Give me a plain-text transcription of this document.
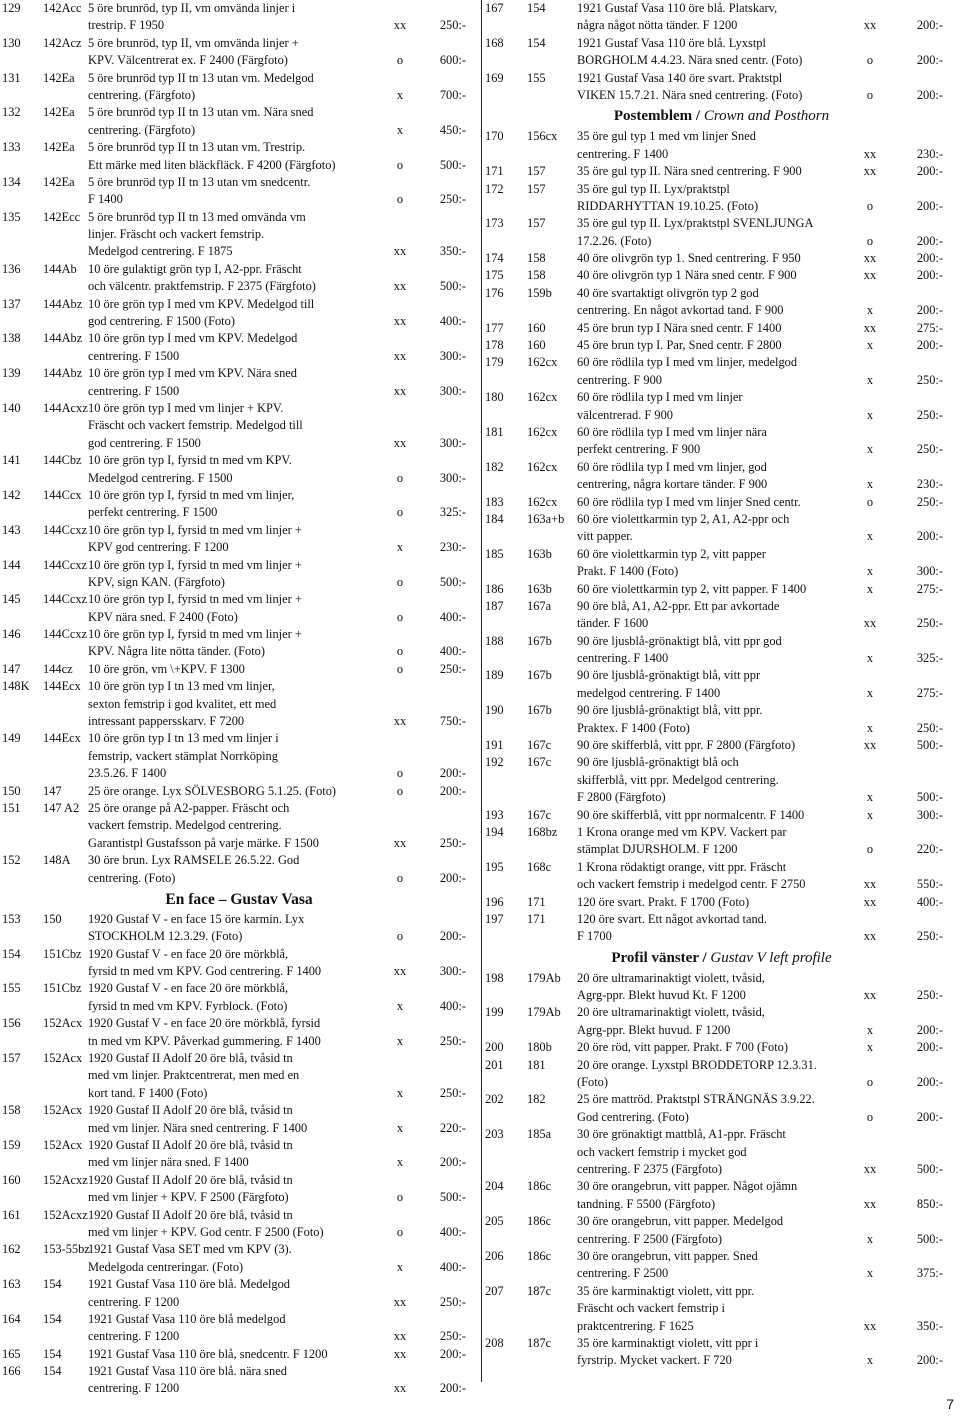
129 142Acc 5 öre brunröd, typ II, vm omvända linjer i
trestrip. F 1950	xx	250:-
130 142Acz 5 öre brunröd, typ II, vm omvända linjer +
KPV. Välcentrerat ex. F 2400 (Färgfoto)	o	600:-
131 142Ea 5 öre brunröd typ II tn 13 utan vm. Medelgod
centrering. (Färgfoto)	x	700:-
132 142Ea 5 öre brunröd typ II tn 13 utan vm. Nära sned
centrering. (Färgfoto)	x	450:-
133 142Ea 5 öre brunröd typ II tn 13 utan vm. Trestrip.
Ett märke med liten bläckfläck. F 4200 (Färgfoto)	o	500:-
134 142Ea 5 öre brunröd typ II tn 13 utan vm snedcentr.
F 1400	o	250:-
135 142Ecc 5 öre brunröd typ II tn 13 med omvända vm
linjer. Fräscht och vackert femstrip.
Medelgod centrering. F 1875	xx	350:-
136 144Ab 10 öre gulaktigt grön typ I, A2-ppr. Fräscht
och välcentr. praktfemstrip. F 2375 (Färgfoto)	xx	500:-
137 144Abz 10 öre grön typ I med vm KPV. Medelgod till
god centrering. F 1500 (Foto)	xx	400:-
138 144Abz 10 öre grön typ I med vm KPV. Medelgod
centrering. F 1500	xx	300:-
139 144Abz 10 öre grön typ I med vm KPV. Nära sned
centrering. F 1500	xx	300:-
140 144Acxz 10 öre grön typ I med vm linjer + KPV.
Fräscht och vackert femstrip. Medelgod till
god centrering. F 1500	xx	300:-
141 144Cbz 10 öre grön typ I, fyrsid tn med vm KPV.
Medelgod centrering. F 1500	o	300:-
142 144Ccx 10 öre grön typ I, fyrsid tn med vm linjer,
perfekt centrering. F 1500	o	325:-
143 144Ccxz 10 öre grön typ I, fyrsid tn med vm linjer +
KPV god centrering. F 1200	x	230:-
144 144Ccxz 10 öre grön typ I, fyrsid tn med vm linjer +
KPV, sign KAN. (Färgfoto)	o	500:-
145 144Ccxz 10 öre grön typ I, fyrsid tn med vm linjer +
KPV nära sned. F 2400 (Foto)	o	400:-
146 144Ccxz 10 öre grön typ I, fyrsid tn med vm linjer +
KPV. Några lite nötta tänder. (Foto)	o	400:-
147 144cz 10 öre grön, vm \+KPV. F 1300	o	250:-
148K 144Ecx 10 öre grön typ I tn 13 med vm linjer,
sexton femstrip i god kvalitet, ett med
intressant pappersskarv. F 7200	xx	750:-
149 144Ecx 10 öre grön typ I tn 13 med vm linjer i
femstrip, vackert stämplat Norrköping
23.5.26. F 1400	o	200:-
150 147 25 öre orange. Lyx SÖLVESBORG 5.1.25. (Foto)	o	200:-
151 147 A2 25 öre orange på A2-papper. Fräscht och
vackert femstrip. Medelgod centrering.
Garantistpl Gustafsson på varje märke. F 1500	xx	250:-
152 148A 30 öre brun. Lyx RAMSELE 26.5.22. God
centrering. (Foto)	o	200:-
En face – Gustav Vasa
153 150 1920 Gustaf V - en face 15 öre karmin. Lyx
STOCKHOLM 12.3.29. (Foto)	o	200:-
154 151Cbz 1920 Gustaf V - en face 20 öre mörkblå,
fyrsid tn med vm KPV. God centrering. F 1400	xx	300:-
155 151Cbz 1920 Gustaf V - en face 20 öre mörkblå,
fyrsid tn med vm KPV. Fyrblock. (Foto)	x	400:-
156 152Acx 1920 Gustaf V - en face 20 öre mörkblå, fyrsid
tn med vm KPV. Påverkad gummering. F 1400	x	250:-
157 152Acx 1920 Gustaf II Adolf 20 öre blå, tvåsid tn
med vm linjer. Praktcentrerat, men med en
kort tand. F 1400 (Foto)	x	250:-
158 152Acx 1920 Gustaf II Adolf 20 öre blå, tvåsid tn
med vm linjer. Nära sned centrering. F 1400	x	220:-
159 152Acx 1920 Gustaf II Adolf 20 öre blå, tvåsid tn
med vm linjer nära sned. F 1400	x	200:-
160 152Acxz 1920 Gustaf II Adolf 20 öre blå, tvåsid tn
med vm linjer + KPV. F 2500 (Färgfoto)	o	500:-
161 152Acxz 1920 Gustaf II Adolf 20 öre blå, tvåsid tn
med vm linjer + KPV. God centr. F 2500 (Foto)	o	400:-
162 153-55bz
1921 Gustaf Vasa SET med vm KPV (3).
Medelgoda centreringar. (Foto)	x	400:-
163 154 1921 Gustaf Vasa 110 öre blå. Medelgod
centrering. F 1200	xx	250:-
164 154 1921 Gustaf Vasa 110 öre blå medelgod
centrering. F 1200	xx	250:-
165 154 1921 Gustaf Vasa 110 öre blå, snedcentr. F 1200	xx	200:-
166 154 1921 Gustaf Vasa 110 öre blå. nära sned
centrering. F 1200	xx	200:-
167 154	1921 Gustaf Vasa 110 öre blå. Platskarv,
några något nötta tänder. F 1200	xx	200:-
168 154	1921 Gustaf Vasa 110 öre blå. Lyxstpl
BORGHOLM 4.4.23. Nära sned centr. (Foto)	o	200:-
169 155	1921 Gustaf Vasa 140 öre svart. Praktstpl
VIKEN 15.7.21. Nära sned centrering. (Foto)	o	200:-
Postemblem / Crown and Posthorn
170 156cx 35 öre gul typ 1 med vm linjer Sned
centrering. F 1400	xx	230:-
171 157	35 öre gul typ II. Nära sned centrering. F 900	xx	200:-
172 157	35 öre gul typ II. Lyx/praktstpl
RIDDARHYTTAN 19.10.25. (Foto)	o	200:-
173 157	35 öre gul typ II. Lyx/praktstpl SVENLJUNGA
17.2.26. (Foto)	o	200:-
174 158	40 öre olivgrön typ 1. Sned centrering. F 950	xx	200:-
175 158	40 öre olivgrön typ 1 Nära sned centr. F 900	xx	200:-
176 159b 40 öre svartaktigt olivgrön typ 2 god
centrering. En något avkortad tand. F 900	x	200:-
177 160	45 öre brun typ I Nära sned centr. F 1400	xx	275:-
178 160	45 öre brun typ I. Par, Sned centr. F 2800	x	200:-
179 162cx 60 öre rödlila typ I med vm linjer, medelgod
centrering. F 900	x	250:-
180 162cx 60 öre rödlila typ I med vm linjer
välcentrerad. F 900	x	250:-
181 162cx 60 öre rödlila typ I med vm linjer nära
perfekt centrering. F 900	x	250:-
182 162cx 60 öre rödlila typ I med vm linjer, god
centrering, några kortare tänder. F 900	x	230:-
183 162cx 60 öre rödlila typ I med vm linjer Sned centr.	o	250:-
184 163a+b 60 öre violettkarmin typ 2, A1, A2-ppr och
vitt papper.	x	200:-
185 163b 60 öre violettkarmin typ 2, vitt papper
Prakt. F 1400 (Foto)	x	300:-
186 163b 60 öre violettkarmin typ 2, vitt papper. F 1400	x	275:-
187 167a 90 öre blå, A1, A2-ppr. Ett par avkortade
tänder. F 1600	xx	250:-
188 167b 90 öre ljusblå-grönaktigt blå, vitt ppr god
centrering. F 1400	x	325:-
189 167b 90 öre ljusblå-grönaktigt blå, vitt ppr
medelgod centrering. F 1400	x	275:-
190 167b 90 öre ljusblå-grönaktigt blå, vitt ppr.
Praktex. F 1400 (Foto)	x	250:-
191 167c 90 öre skifferblå, vitt ppr. F 2800 (Färgfoto)	xx	500:-
192 167c 90 öre ljusblå-grönaktigt blå och
skifferblå, vitt ppr. Medelgod centrering.
F 2800 (Färgfoto)	x	500:-
193 167c 90 öre skifferblå, vitt ppr normalcentr. F 1400	x	300:-
194 168bz 1 Krona orange med vm KPV. Vackert par
stämplat DJURSHOLM. F 1200	o	220:-
195 168c 1 Krona rödaktigt orange, vitt ppr. Fräscht
och vackert femstrip i medelgod centr. F 2750	xx	550:-
196 171	120 öre svart. Prakt. F 1700 (Foto)	xx	400:-
197 171	120 öre svart. Ett något avkortad tand.
F 1700	xx	250:-
Profil vänster / Gustav V left profile
198 179Ab 20 öre ultramarinaktigt violett, tvåsid,
Agrg-ppr. Blekt huvud Kt. F 1200	xx	250:-
199 179Ab 20 öre ultramarinaktigt violett, tvåsid,
Agrg-ppr. Blekt huvud. F 1200	x	200:-
200 180b 20 öre röd, vitt papper. Prakt. F 700 (Foto)	x	200:-
201 181	20 öre orange. Lyxstpl BRODDETORP 12.3.31.
(Foto)	o	200:-
202 182	25 öre mattröd. Praktstpl STRÄNGNÄS 3.9.22.
God centrering. (Foto)	o	200:-
203 185a 30 öre grönaktigt mattblå, A1-ppr. Fräscht
och vackert femstrip i mycket god
centrering. F 2375 (Färgfoto)	xx	500:-
204 186c 30 öre orangebrun, vitt papper. Något ojämn
tandning. F 5500 (Färgfoto)	xx	850:-
205 186c 30 öre orangebrun, vitt papper. Medelgod
centrering. F 2500 (Färgfoto)	x	500:-
206 186c 30 öre orangebrun, vitt papper. Sned
centrering. F 2500	x	375:-
207 187c 35 öre karminaktigt violett, vitt ppr.
Fräscht och vackert femstrip i
praktcentrering. F 1625	xx	350:-
208 187c 35 öre karminaktigt violett, vitt ppr i
fyrstrip. Mycket vackert. F 720	x	200:-
7
